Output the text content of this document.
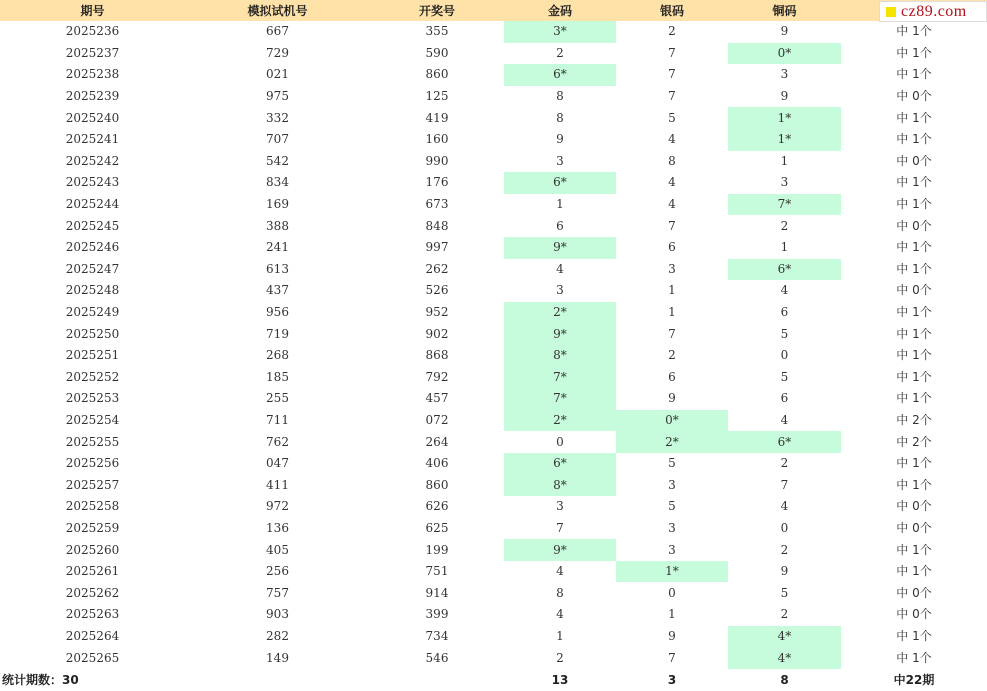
期号	模拟试机号	开奖号	金码	银码	铜码	
2025236	667	355	3*	2	9	中 1个
2025237	729	590	2	7	0*	中 1个
2025238	021	860	6*	7	3	中 1个
2025239	975	125	8	7	9	中 0个
2025240	332	419	8	5	1*	中 1个
2025241	707	160	9	4	1*	中 1个
2025242	542	990	3	8	1	中 0个
2025243	834	176	6*	4	3	中 1个
2025244	169	673	1	4	7*	中 1个
2025245	388	848	6	7	2	中 0个
2025246	241	997	9*	6	1	中 1个
2025247	613	262	4	3	6*	中 1个
2025248	437	526	3	1	4	中 0个
2025249	956	952	2*	1	6	中 1个
2025250	719	902	9*	7	5	中 1个
2025251	268	868	8*	2	0	中 1个
2025252	185	792	7*	6	5	中 1个
2025253	255	457	7*	9	6	中 1个
2025254	711	072	2*	0*	4	中 2个
2025255	762	264	0	2*	6*	中 2个
2025256	047	406	6*	5	2	中 1个
2025257	411	860	8*	3	7	中 1个
2025258	972	626	3	5	4	中 0个
2025259	136	625	7	3	0	中 0个
2025260	405	199	9*	3	2	中 1个
2025261	256	751	4	1*	9	中 1个
2025262	757	914	8	0	5	中 0个
2025263	903	399	4	1	2	中 0个
2025264	282	734	1	9	4*	中 1个
2025265	149	546	2	7	4*	中 1个
统计期数：30			13	3	8	中22期
cz89.com
